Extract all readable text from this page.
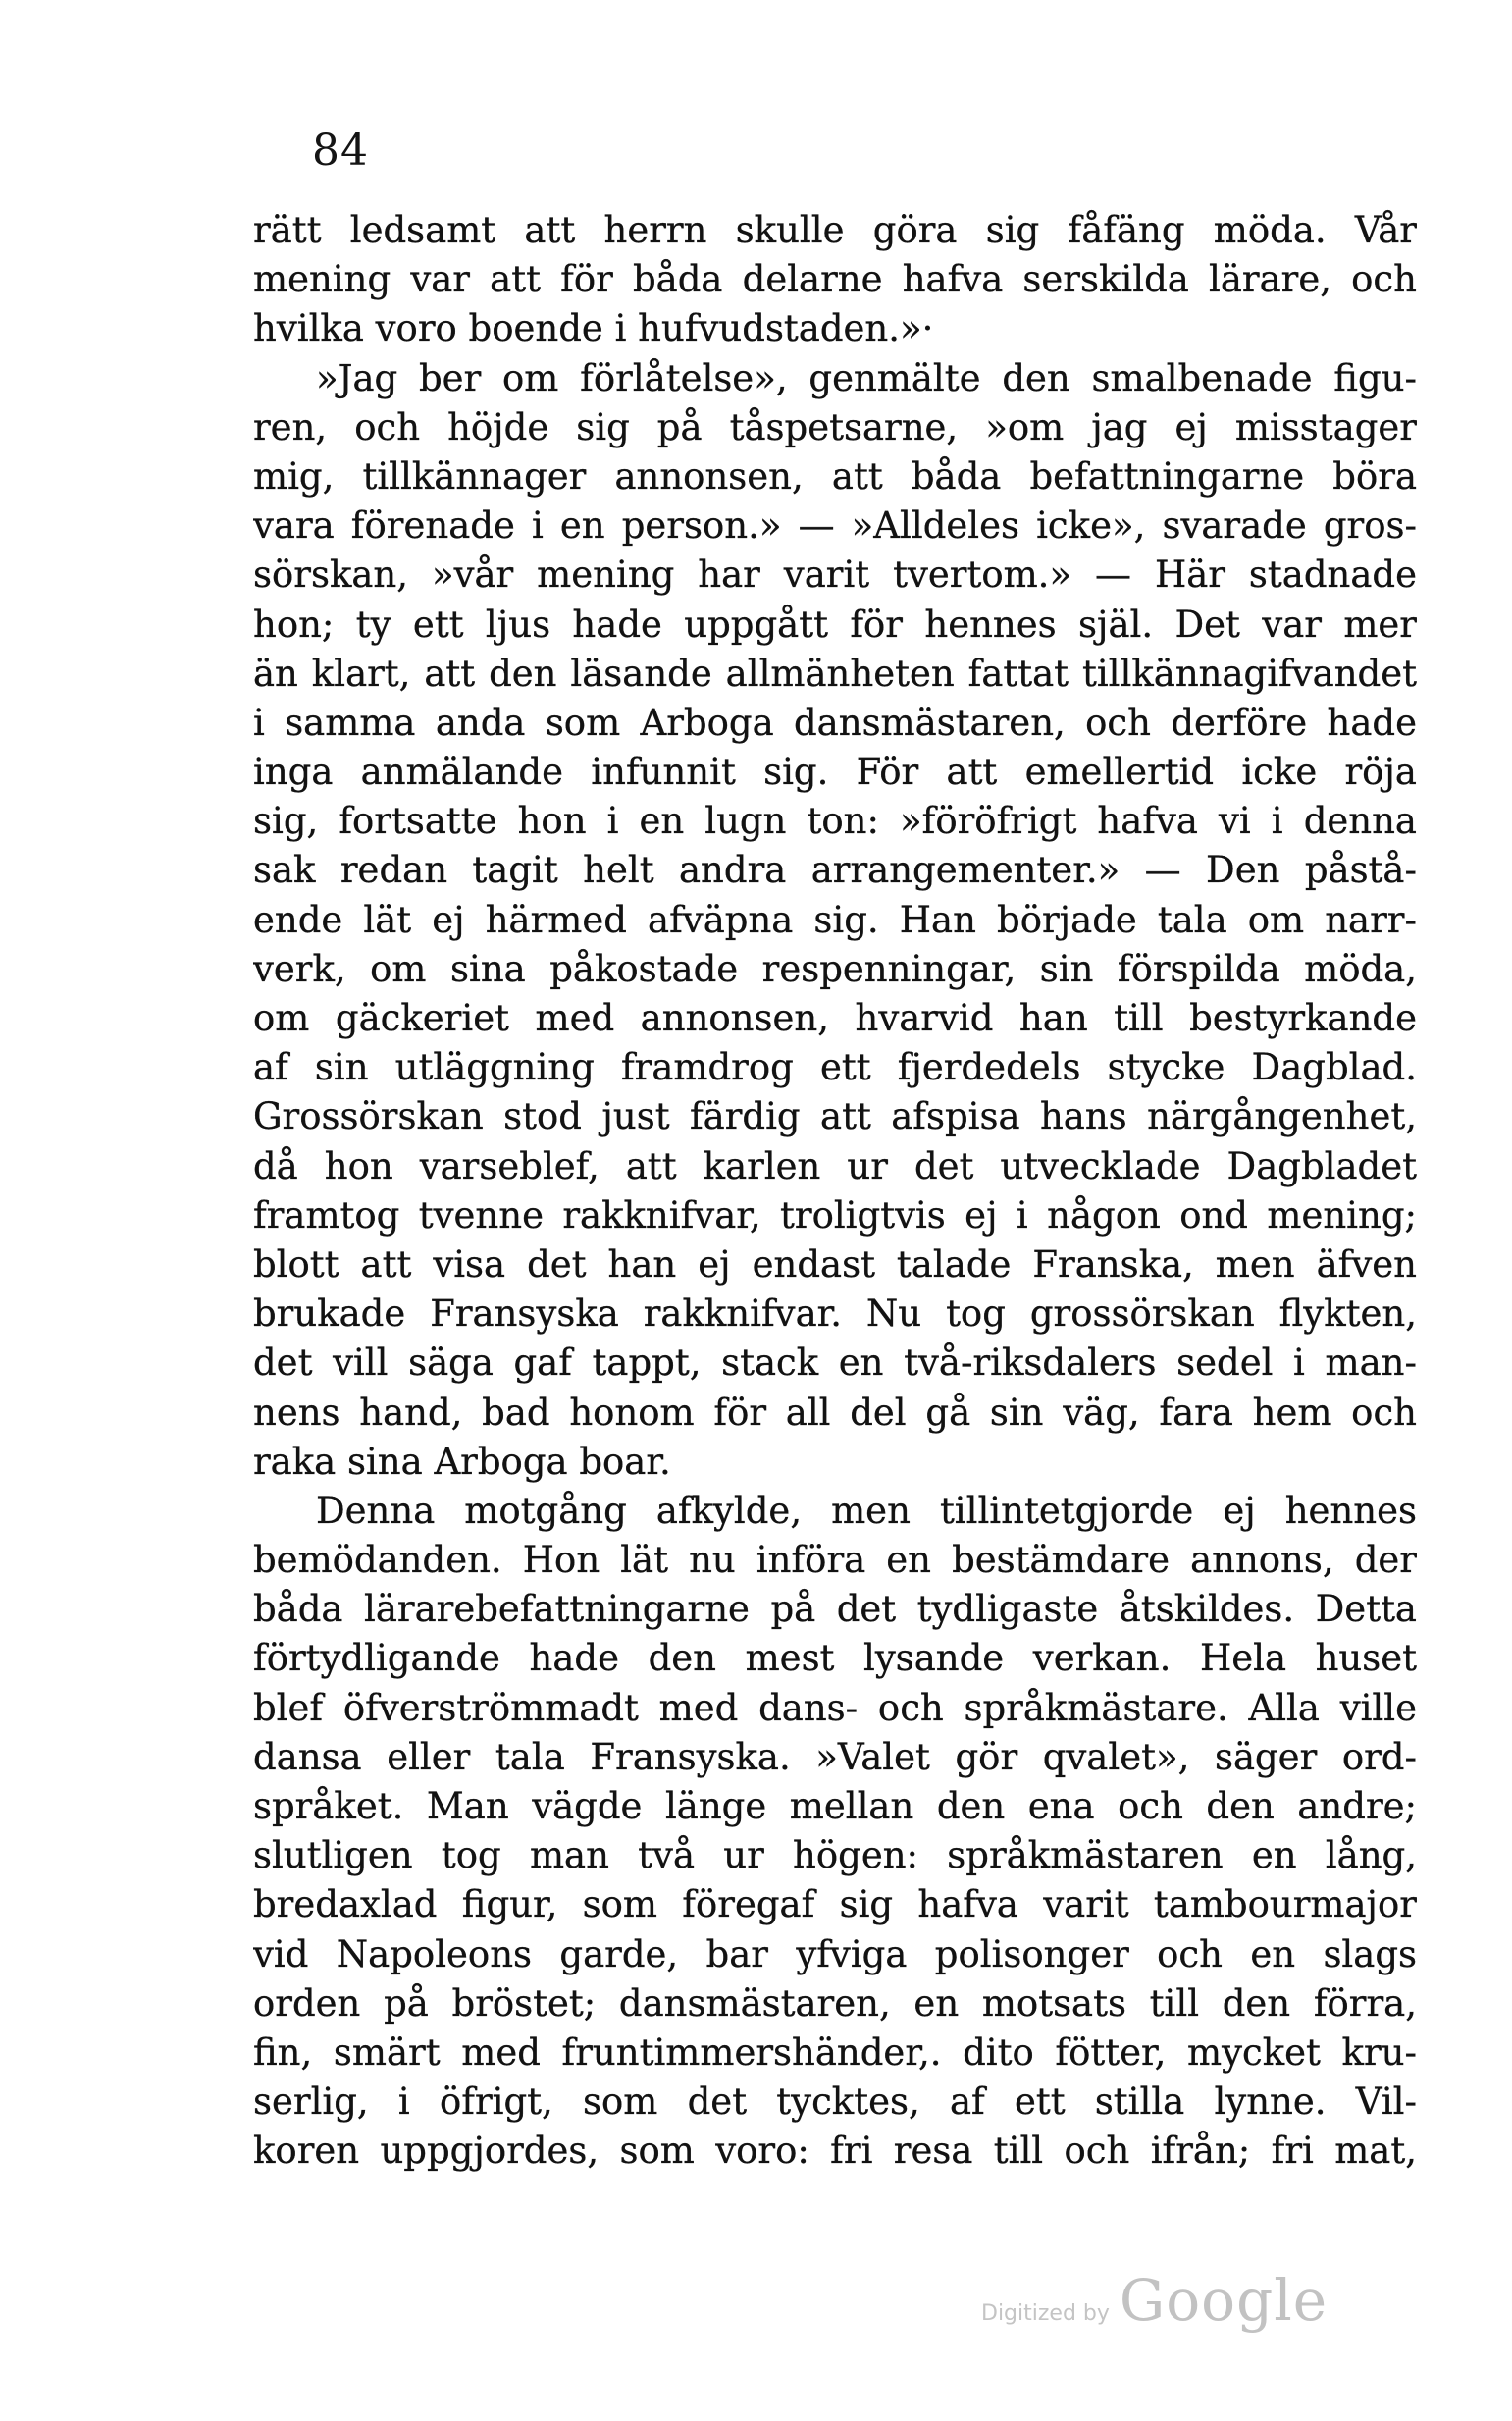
84
rätt ledsamt att herrn skulle göra sig fåfäng möda. Vår
mening var att för båda delarne hafva serskilda lärare, och
hvilka voro boende i hufvudstaden.»·
»Jag ber om förlåtelse», genmälte den smalbenade figu-
ren, och höjde sig på tåspetsarne, »om jag ej misstager
mig, tillkännager annonsen, att båda befattningarne böra
vara förenade i en person.» — »Alldeles icke», svarade gros-
sörskan, »vår mening har varit tvertom.» — Här stadnade
hon; ty ett ljus hade uppgått för hennes själ. Det var mer
än klart, att den läsande allmänheten fattat tillkännagifvandet
i samma anda som Arboga dansmästaren, och derföre hade
inga anmälande infunnit sig. För att emellertid icke röja
sig, fortsatte hon i en lugn ton: »föröfrigt hafva vi i denna
sak redan tagit helt andra arrangementer.» — Den påstå-
ende lät ej härmed afväpna sig. Han började tala om narr-
verk, om sina påkostade respenningar, sin förspilda möda,
om gäckeriet med annonsen, hvarvid han till bestyrkande
af sin utläggning framdrog ett fjerdedels stycke Dagblad.
Grossörskan stod just färdig att afspisa hans närgångenhet,
då hon varseblef, att karlen ur det utvecklade Dagbladet
framtog tvenne rakknifvar, troligtvis ej i någon ond mening;
blott att visa det han ej endast talade Franska, men äfven
brukade Fransyska rakknifvar. Nu tog grossörskan flykten,
det vill säga gaf tappt, stack en två-riksdalers sedel i man-
nens hand, bad honom för all del gå sin väg, fara hem och
raka sina Arboga boar.
Denna motgång afkylde, men tillintetgjorde ej hennes
bemödanden. Hon lät nu införa en bestämdare annons, der
båda lärarebefattningarne på det tydligaste åtskildes. Detta
förtydligande hade den mest lysande verkan. Hela huset
blef öfverströmmadt med dans- och språkmästare. Alla ville
dansa eller tala Fransyska. »Valet gör qvalet», säger ord-
språket. Man vägde länge mellan den ena och den andre;
slutligen tog man två ur högen: språkmästaren en lång,
bredaxlad figur, som föregaf sig hafva varit tambourmajor
vid Napoleons garde, bar yfviga polisonger och en slags
orden på bröstet; dansmästaren, en motsats till den förra,
fin, smärt med fruntimmershänder,. dito fötter, mycket kru-
serlig, i öfrigt, som det tycktes, af ett stilla lynne. Vil-
koren uppgjordes, som voro: fri resa till och ifrån; fri mat,
Digitized by Google
